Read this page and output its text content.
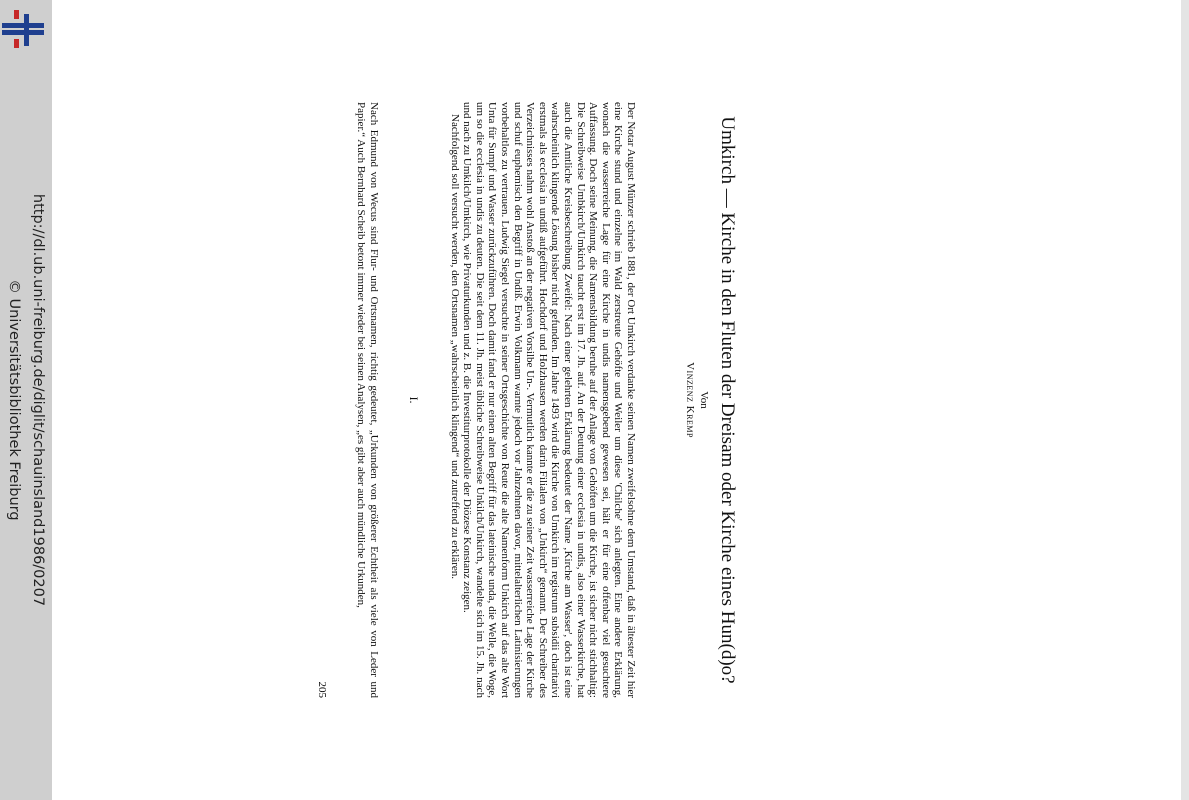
http://dl.ub.uni-freiburg.de/diglit/schauinsland1986/0207
© Universitätsbibliothek Freiburg	Umkirch — Kirche in den Fluten der Dreisam oder Kirche eines Hun(d)o?
Von
Vinzenz Kremp

Der Notar August Münzer schrieb 1881, der Ort Umkirch verdanke seinen Namen zweifelsohne dem Umstand, daß in ältester Zeit hier eine Kirche stund und einzelne im Wald zerstreute Gehöfte und Weiler um diese 'Chilche' sich anlegten. Eine andere Erklärung, wonach die wasserreiche Lage für eine Kirche in undis namensgebend gewesen sei, hält er für eine offenbar viel gesuchtere Auffassung. Doch seine Meinung, die Namensbildung beruhe auf der Anlage von Gehöften um die Kirche, ist sicher nicht stichhaltig: Die Schreibweise Umbkirch/Umkirch taucht erst im 17. Jh. auf. An der Deutung einer ecclesia in undis, also einer Wasserkirche, hat auch die Amtliche Kreisbeschreibung Zweifel: Nach einer gelehrten Erklärung bedeutet der Name ‚Kirche am Wasser', doch ist eine wahrscheinlich klingende Lösung bisher nicht gefunden. Im Jahre 1493 wird die Kirche von Umkirch im registrum subsidii charitativi erstmals als ecclesia in undiß aufgeführt. Hochdorf und Holzhausen werden darin Filialen von „Unkirch“ genannt. Der Schreiber des Verzeichnisses nahm wohl Anstoß an der negativen Vorsilbe Un-. Vermutlich kannte er die zu seiner Zeit wasserreiche Lage der Kirche und schuf euphemisch den Begriff in Undiß. Erwin Volkmann warnte jedoch vor Jahrzehnten davor, mittelalterlichen Latinisierungen vorbehaltlos zu vertrauen. Ludwig Siegel versuchte in seiner Ortsgeschichte von Reute die alte Namenform Unkirch auf das alte Wort Unta für Sumpf und Wasser zurückzuführen. Doch damit fand er nur einen alten Begriff für das lateinische unda, die Welle, die Woge, um so die ecclesia in undis zu deuten. Die seit dem 11. Jh. meist übliche Schreibweise Unkilch/Unkirch, wandelte sich im 15. Jh. nach und nach zu Umkilch/Umkirch, wie Privaturkunden und z. B. die Investiturprotokolle der Diözese Konstanz zeigen.

Nachfolgend soll versucht werden, den Ortsnamen „wahrscheinlich klingend“ und zutreffend zu erklären.

I.
Nach Edmund von Wecus sind Flur- und Ortsnamen, richtig gedeutet, „Urkunden von größerer Echtheit als viele von Leder und Papier.“ Auch Bernhard Scheib betont immer wieder bei seinen Analysen, „es gibt aber auch mündliche Urkunden,
205
